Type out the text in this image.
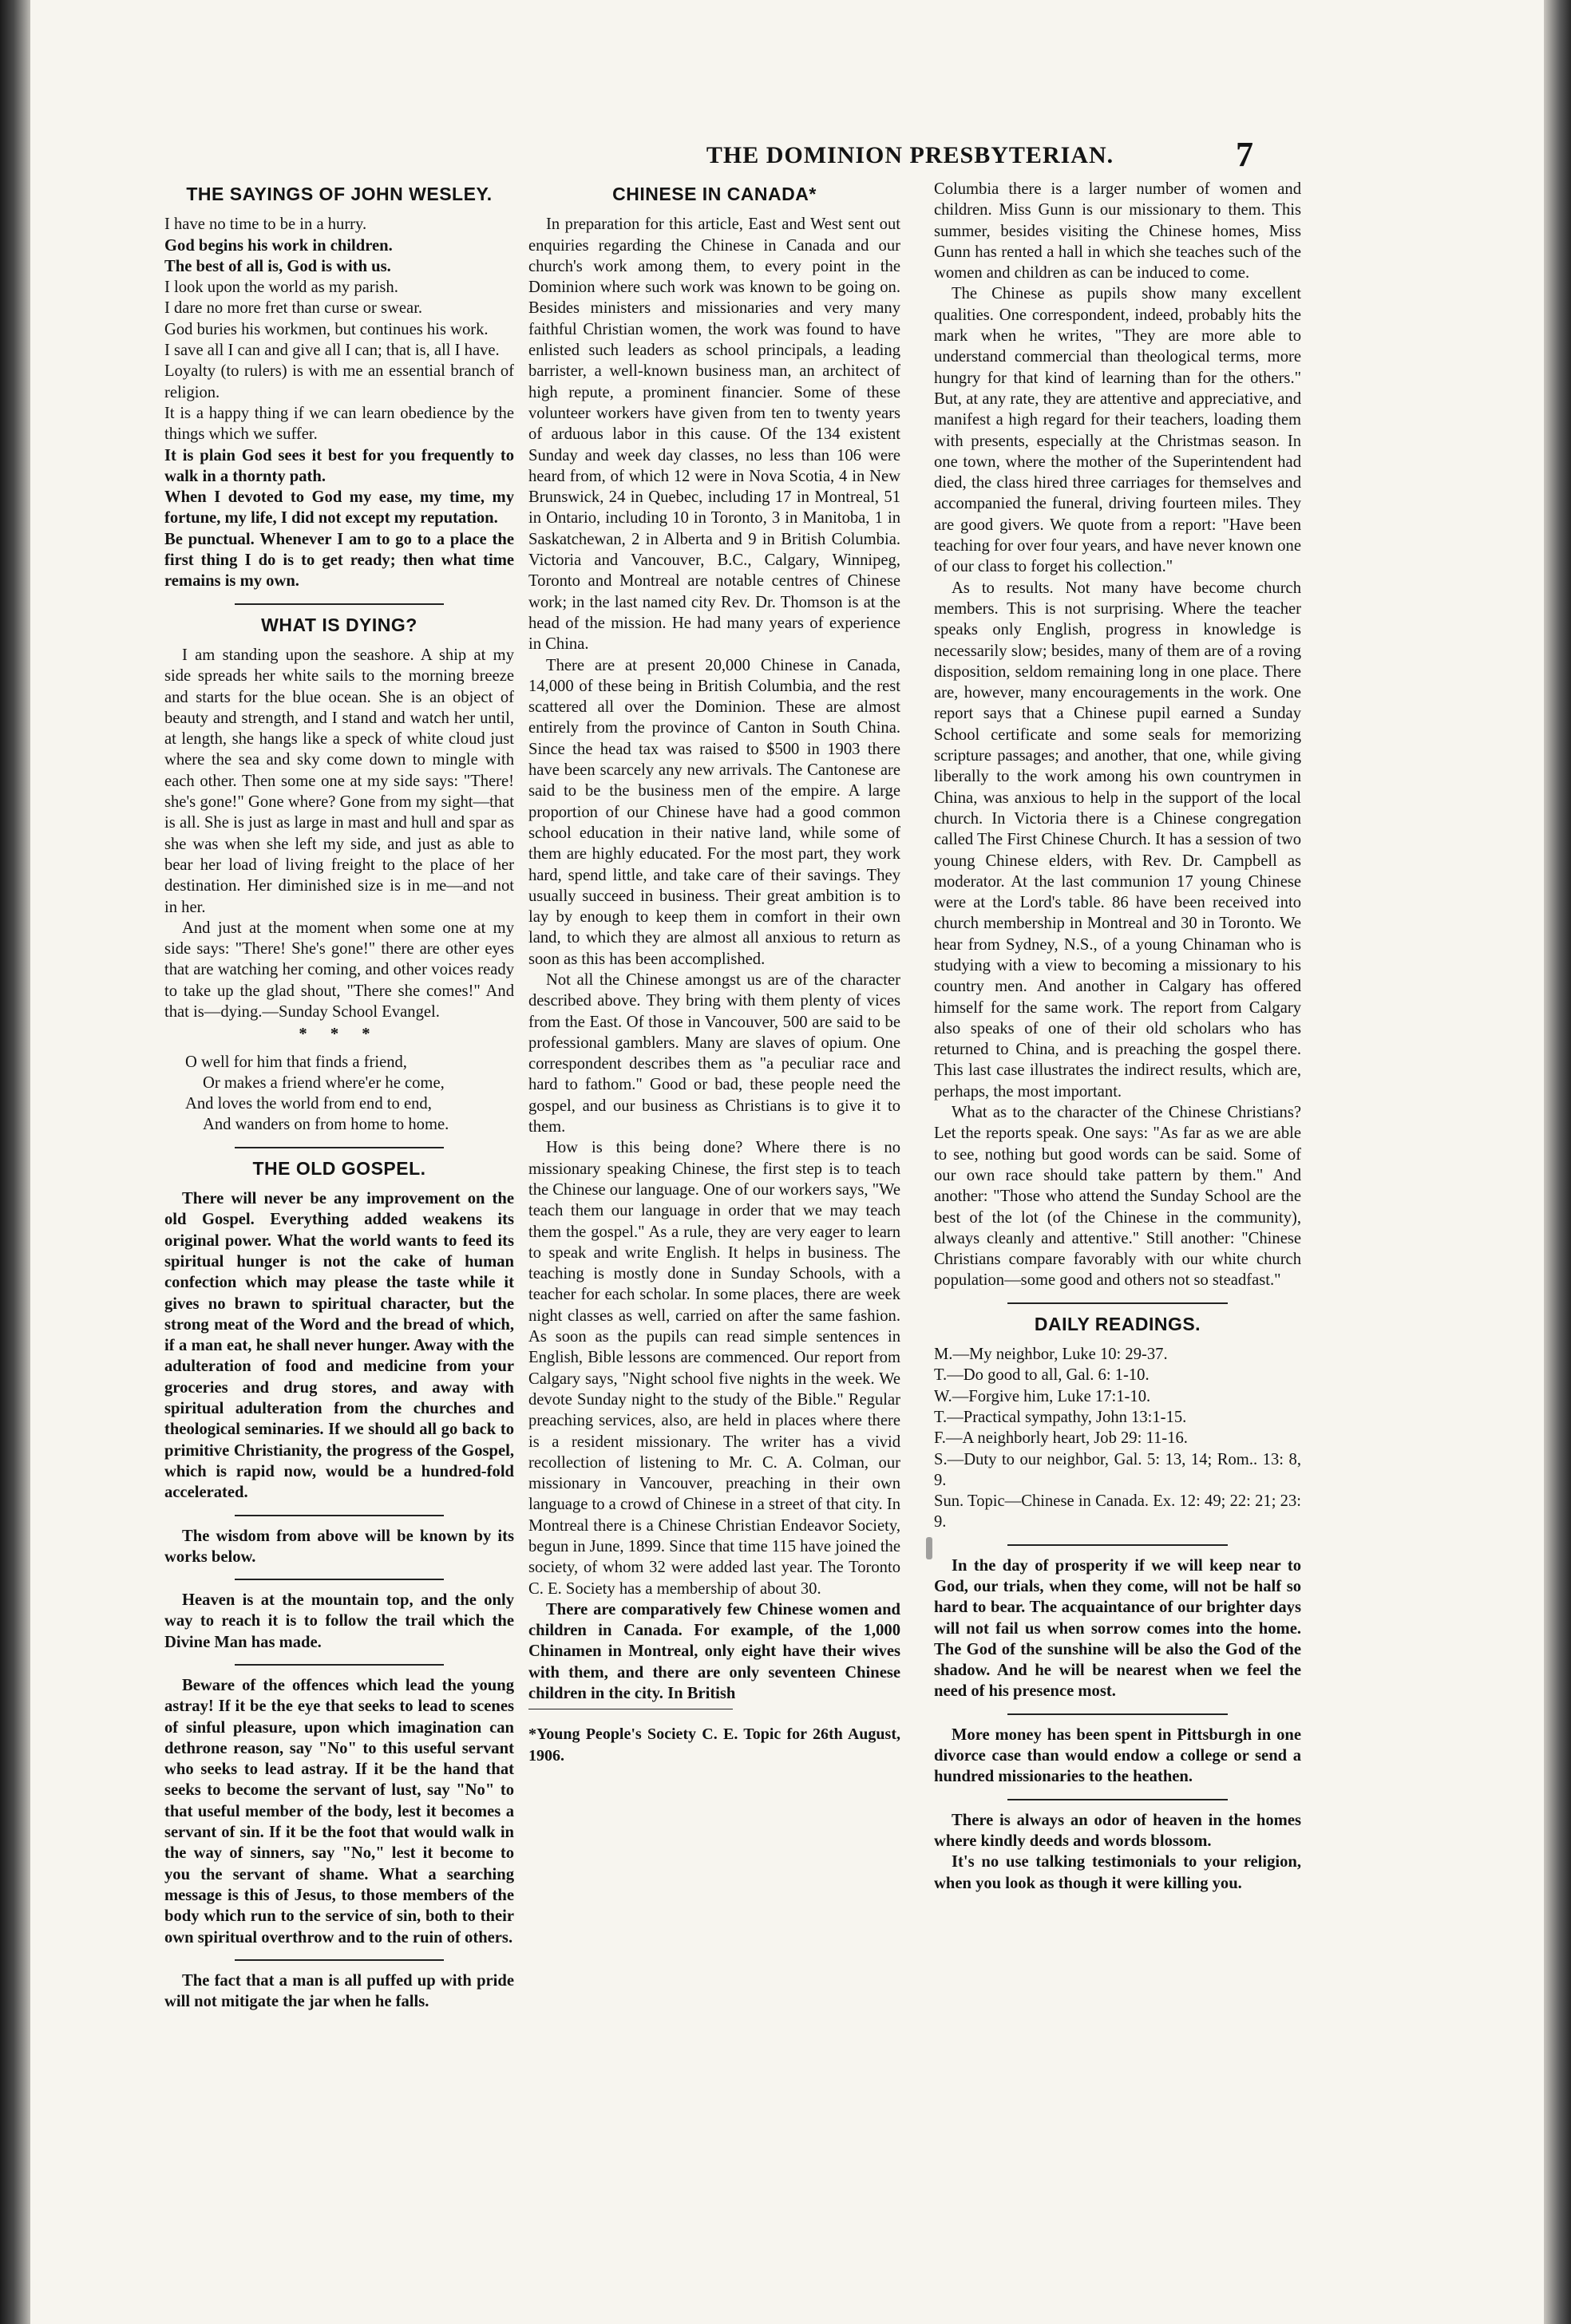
THE DOMINION PRESBYTERIAN.	7
THE SAYINGS OF JOHN WESLEY.

I have no time to be in a hurry.

God begins his work in children.

The best of all is, God is with us.

I look upon the world as my parish.

I dare no more fret than curse or swear.

God buries his workmen, but continues his work.

I save all I can and give all I can; that is, all I have.

Loyalty (to rulers) is with me an essential branch of religion.

It is a happy thing if we can learn obedience by the things which we suffer.

It is plain God sees it best for you frequently to walk in a thornty path.

When I devoted to God my ease, my time, my fortune, my life, I did not except my reputation.

Be punctual. Whenever I am to go to a place the first thing I do is to get ready; then what time remains is my own.

WHAT IS DYING?

I am standing upon the seashore. A ship at my side spreads her white sails to the morning breeze and starts for the blue ocean. She is an object of beauty and strength, and I stand and watch her until, at length, she hangs like a speck of white cloud just where the sea and sky come down to mingle with each other. Then some one at my side says: "There! she's gone!" Gone where? Gone from my sight—that is all. She is just as large in mast and hull and spar as she was when she left my side, and just as able to bear her load of living freight to the place of her destination. Her diminished size is in me—and not in her.

And just at the moment when some one at my side says: "There! She's gone!" there are other eyes that are watching her coming, and other voices ready to take up the glad shout, "There she comes!" And that is—dying.—Sunday School Evangel.

* * *
O well for him that finds a friend,
Or makes a friend where'er he come,
And loves the world from end to end,
And wanders on from home to home.
THE OLD GOSPEL.

There will never be any improvement on the old Gospel. Everything added weakens its original power. What the world wants to feed its spiritual hunger is not the cake of human confection which may please the taste while it gives no brawn to spiritual character, but the strong meat of the Word and the bread of which, if a man eat, he shall never hunger. Away with the adulteration of food and medicine from your groceries and drug stores, and away with spiritual adulteration from the churches and theological seminaries. If we should all go back to primitive Christianity, the progress of the Gospel, which is rapid now, would be a hundred-fold accelerated.

The wisdom from above will be known by its works below.

Heaven is at the mountain top, and the only way to reach it is to follow the trail which the Divine Man has made.

Beware of the offences which lead the young astray! If it be the eye that seeks to lead to scenes of sinful pleasure, upon which imagination can dethrone reason, say "No" to this useful servant who seeks to lead astray. If it be the hand that seeks to become the servant of lust, say "No" to that useful member of the body, lest it becomes a servant of sin. If it be the foot that would walk in the way of sinners, say "No," lest it become to you the servant of shame. What a searching message is this of Jesus, to those members of the body which run to the service of sin, both to their own spiritual overthrow and to the ruin of others.

The fact that a man is all puffed up with pride will not mitigate the jar when he falls.

CHINESE IN CANADA*

In preparation for this article, East and West sent out enquiries regarding the Chinese in Canada and our church's work among them, to every point in the Dominion where such work was known to be going on. Besides ministers and missionaries and very many faithful Christian women, the work was found to have enlisted such leaders as school principals, a leading barrister, a well-known business man, an architect of high repute, a prominent financier. Some of these volunteer workers have given from ten to twenty years of arduous labor in this cause. Of the 134 existent Sunday and week day classes, no less than 106 were heard from, of which 12 were in Nova Scotia, 4 in New Brunswick, 24 in Quebec, including 17 in Montreal, 51 in Ontario, including 10 in Toronto, 3 in Manitoba, 1 in Saskatchewan, 2 in Alberta and 9 in British Columbia. Victoria and Vancouver, B.C., Calgary, Winnipeg, Toronto and Montreal are notable centres of Chinese work; in the last named city Rev. Dr. Thomson is at the head of the mission. He had many years of experience in China.

There are at present 20,000 Chinese in Canada, 14,000 of these being in British Columbia, and the rest scattered all over the Dominion. These are almost entirely from the province of Canton in South China. Since the head tax was raised to $500 in 1903 there have been scarcely any new arrivals. The Cantonese are said to be the business men of the empire. A large proportion of our Chinese have had a good common school education in their native land, while some of them are highly educated. For the most part, they work hard, spend little, and take care of their savings. They usually succeed in business. Their great ambition is to lay by enough to keep them in comfort in their own land, to which they are almost all anxious to return as soon as this has been accomplished.

Not all the Chinese amongst us are of the character described above. They bring with them plenty of vices from the East. Of those in Vancouver, 500 are said to be professional gamblers. Many are slaves of opium. One correspondent describes them as "a peculiar race and hard to fathom." Good or bad, these people need the gospel, and our business as Christians is to give it to them.

How is this being done? Where there is no missionary speaking Chinese, the first step is to teach the Chinese our language. One of our workers says, "We teach them our language in order that we may teach them the gospel." As a rule, they are very eager to learn to speak and write English. It helps in business. The teaching is mostly done in Sunday Schools, with a teacher for each scholar. In some places, there are week night classes as well, carried on after the same fashion. As soon as the pupils can read simple sentences in English, Bible lessons are commenced. Our report from Calgary says, "Night school five nights in the week. We devote Sunday night to the study of the Bible." Regular preaching services, also, are held in places where there is a resident missionary. The writer has a vivid recollection of listening to Mr. C. A. Colman, our missionary in Vancouver, preaching in their own language to a crowd of Chinese in a street of that city. In Montreal there is a Chinese Christian Endeavor Society, begun in June, 1899. Since that time 115 have joined the society, of whom 32 were added last year. The Toronto C. E. Society has a membership of about 30.

There are comparatively few Chinese women and children in Canada. For example, of the 1,000 Chinamen in Montreal, only eight have their wives with them, and there are only seventeen Chinese children in the city. In British

*Young People's Society C. E. Topic for 26th August, 1906.

Columbia there is a larger number of women and children. Miss Gunn is our missionary to them. This summer, besides visiting the Chinese homes, Miss Gunn has rented a hall in which she teaches such of the women and children as can be induced to come.

The Chinese as pupils show many excellent qualities. One correspondent, indeed, probably hits the mark when he writes, "They are more able to understand commercial than theological terms, more hungry for that kind of learning than for the others." But, at any rate, they are attentive and appreciative, and manifest a high regard for their teachers, loading them with presents, especially at the Christmas season. In one town, where the mother of the Superintendent had died, the class hired three carriages for themselves and accompanied the funeral, driving fourteen miles. They are good givers. We quote from a report: "Have been teaching for over four years, and have never known one of our class to forget his collection."

As to results. Not many have become church members. This is not surprising. Where the teacher speaks only English, progress in knowledge is necessarily slow; besides, many of them are of a roving disposition, seldom remaining long in one place. There are, however, many encouragements in the work. One report says that a Chinese pupil earned a Sunday School certificate and some seals for memorizing scripture passages; and another, that one, while giving liberally to the work among his own countrymen in China, was anxious to help in the support of the local church. In Victoria there is a Chinese congregation called The First Chinese Church. It has a session of two young Chinese elders, with Rev. Dr. Campbell as moderator. At the last communion 17 young Chinese were at the Lord's table. 86 have been received into church membership in Montreal and 30 in Toronto. We hear from Sydney, N.S., of a young Chinaman who is studying with a view to becoming a missionary to his country men. And another in Calgary has offered himself for the same work. The report from Calgary also speaks of one of their old scholars who has returned to China, and is preaching the gospel there. This last case illustrates the indirect results, which are, perhaps, the most important.

What as to the character of the Chinese Christians? Let the reports speak. One says: "As far as we are able to see, nothing but good words can be said. Some of our own race should take pattern by them." And another: "Those who attend the Sunday School are the best of the lot (of the Chinese in the community), always cleanly and attentive." Still another: "Chinese Christians compare favorably with our white church population—some good and others not so steadfast."

DAILY READINGS.
M.—My neighbor, Luke 10: 29-37.
T.—Do good to all, Gal. 6: 1-10.
W.—Forgive him, Luke 17:1-10.
T.—Practical sympathy, John 13:1-15.
F.—A neighborly heart, Job 29: 11-16.
S.—Duty to our neighbor, Gal. 5: 13, 14; Rom.. 13: 8, 9.
Sun. Topic—Chinese in Canada. Ex. 12: 49; 22: 21; 23: 9.

In the day of prosperity if we will keep near to God, our trials, when they come, will not be half so hard to bear. The acquaintance of our brighter days will not fail us when sorrow comes into the home. The God of the sunshine will be also the God of the shadow. And he will be nearest when we feel the need of his presence most.

More money has been spent in Pittsburgh in one divorce case than would endow a college or send a hundred missionaries to the heathen.

There is always an odor of heaven in the homes where kindly deeds and words blossom.

It's no use talking testimonials to your religion, when you look as though it were killing you.
